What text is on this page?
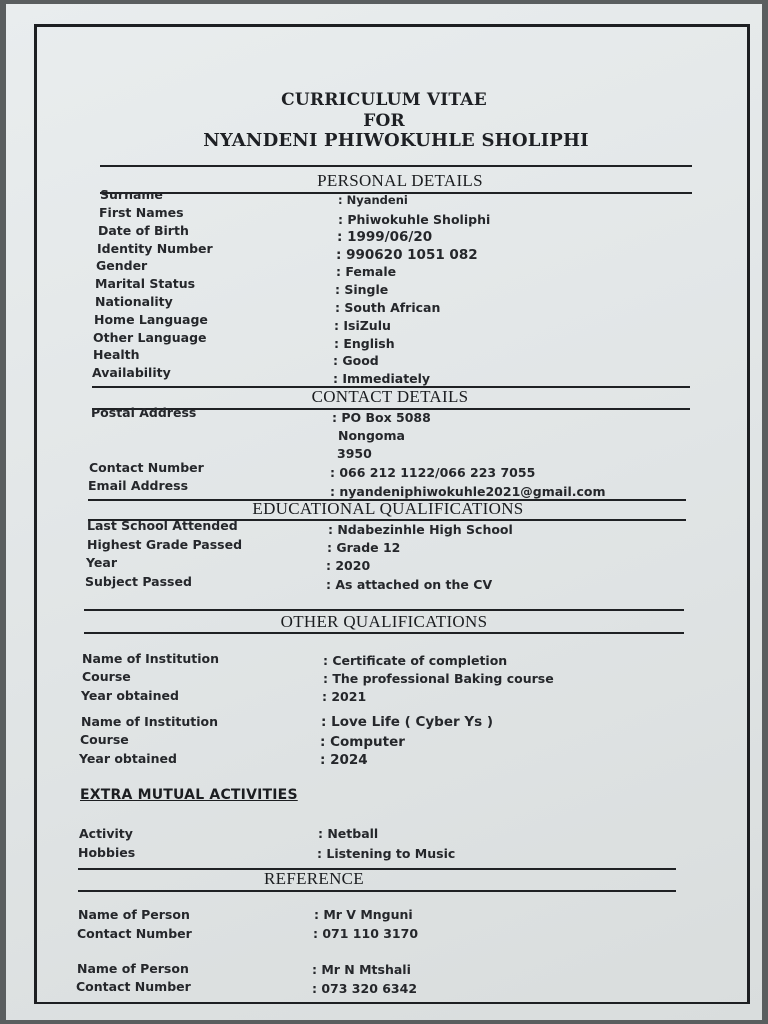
CURRICULUM VITAE
FOR
NYANDENI PHIWOKUHLE SHOLIPHI
PERSONAL DETAILS
Surname	: Nyandeni
First Names	: Phiwokuhle Sholiphi
Date of Birth	: 1999/06/20
Identity Number	: 990620 1051 082
Gender	: Female
Marital Status	: Single
Nationality	: South African
Home Language	: IsiZulu
Other Language	: English
Health	: Good
Availability	: Immediately
CONTACT DETAILS
Postal Address	: PO Box 5088
Nongoma
3950
Contact Number	: 066 212 1122/066 223 7055
Email Address	: nyandeniphiwokuhle2021@gmail.com
EDUCATIONAL QUALIFICATIONS
Last School Attended	: Ndabezinhle High School
Highest Grade Passed	: Grade 12
Year	: 2020
Subject Passed	: As attached on the CV
OTHER QUALIFICATIONS
Name of Institution	: Certificate of completion
Course	: The professional Baking course
Year obtained	: 2021
Name of Institution	: Love Life ( Cyber Ys )
Course	: Computer
Year obtained	: 2024
EXTRA MUTUAL ACTIVITIES
Activity	: Netball
Hobbies	: Listening to Music
REFERENCE
Name of Person	: Mr V Mnguni
Contact Number	: 071 110 3170
Name of Person	: Mr N Mtshali
Contact Number	: 073 320 6342
